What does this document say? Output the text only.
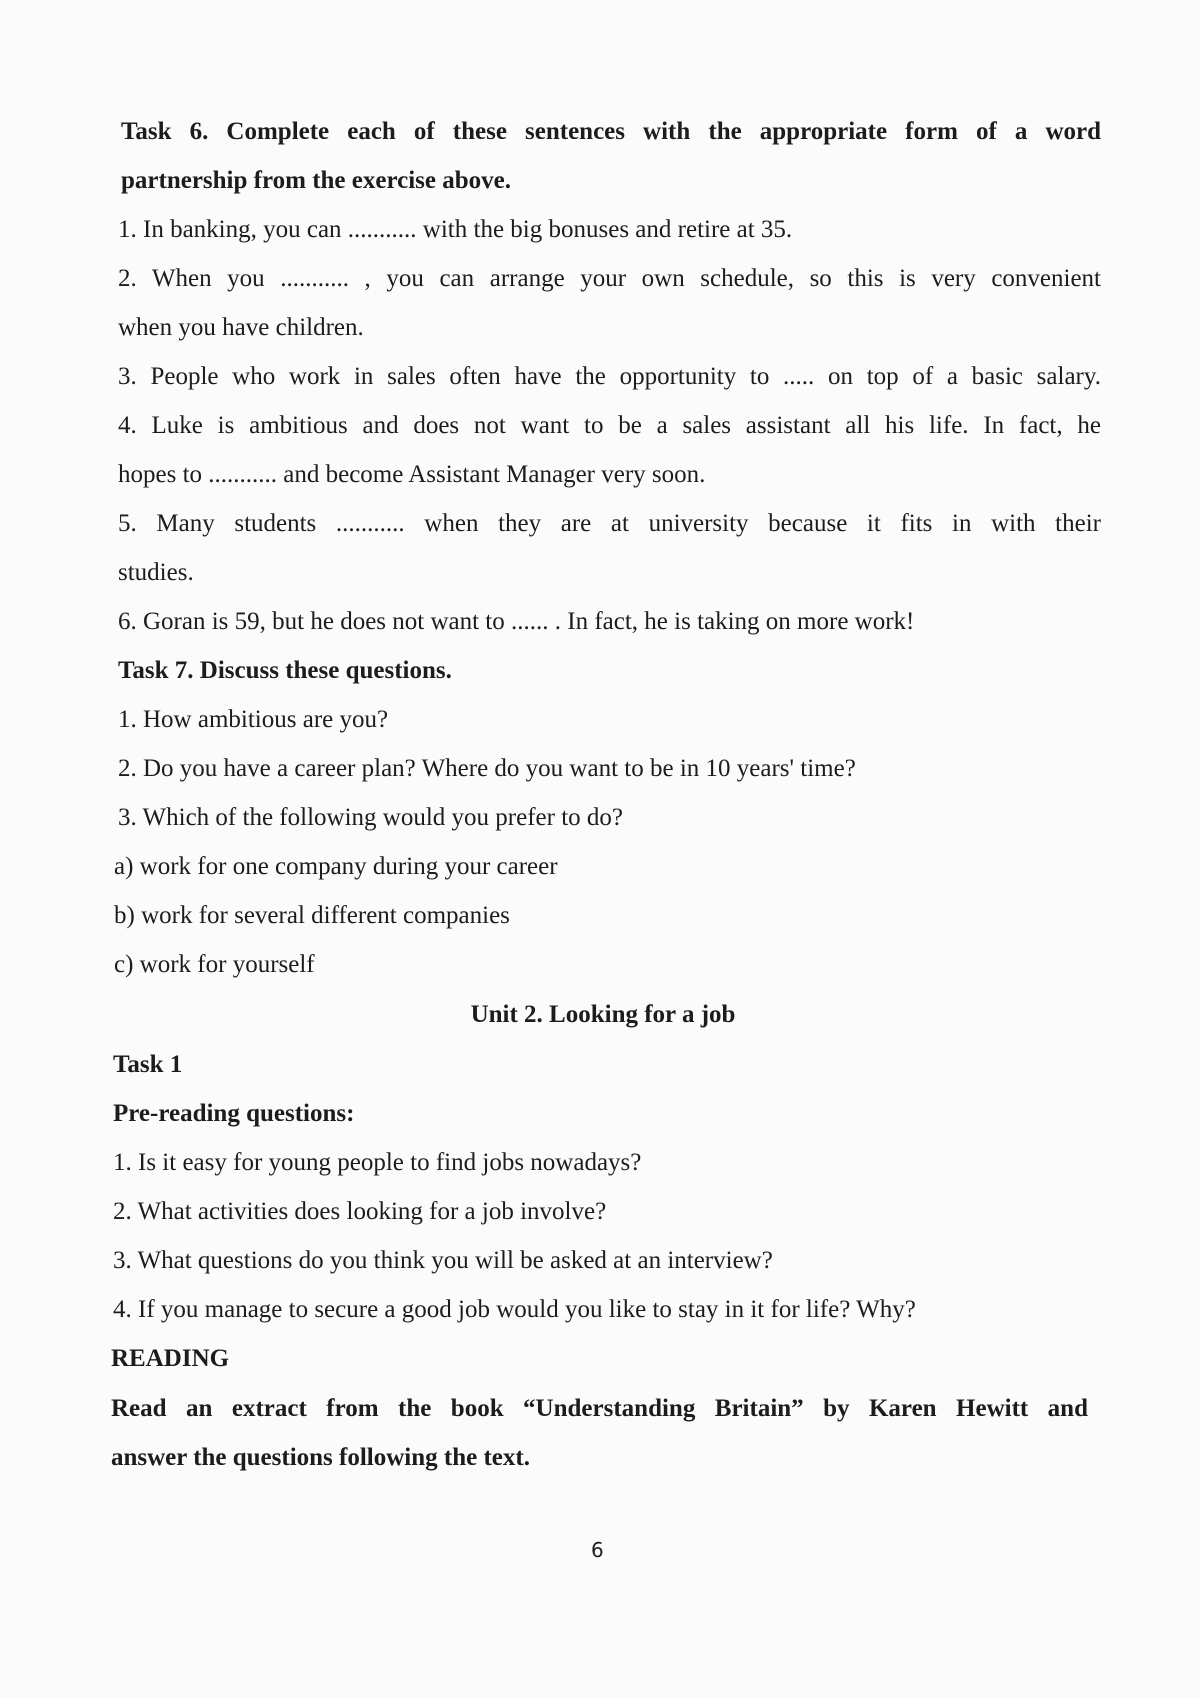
Task 6. Complete each of these sentences with the appropriate form of a word
partnership from the exercise above.
1. In banking, you can ........... with the big bonuses and retire at 35.
2. When you ........... , you can arrange your own schedule, so this is very convenient
when you have children.
3. People who work in sales often have the opportunity to ..... on top of a basic salary.
4. Luke is ambitious and does not want to be a sales assistant all his life. In fact, he
hopes to ........... and become Assistant Manager very soon.
5. Many students ........... when they are at university because it fits in with their
studies.
6. Goran is 59, but he does not want to ...... . In fact, he is taking on more work!
Task 7. Discuss these questions.
1. How ambitious are you?
2. Do you have a career plan? Where do you want to be in 10 years' time?
3. Which of the following would you prefer to do?
a) work for one company during your career
b) work for several different companies
c) work for yourself
Unit 2. Looking for a job
Task 1
Pre-reading questions:
1. Is it easy for young people to find jobs nowadays?
2. What activities does looking for a job involve?
3. What questions do you think you will be asked at an interview?
4. If you manage to secure a good job would you like to stay in it for life? Why?
READING
Read an extract from the book “Understanding Britain” by Karen Hewitt and
answer the questions following the text.
6
